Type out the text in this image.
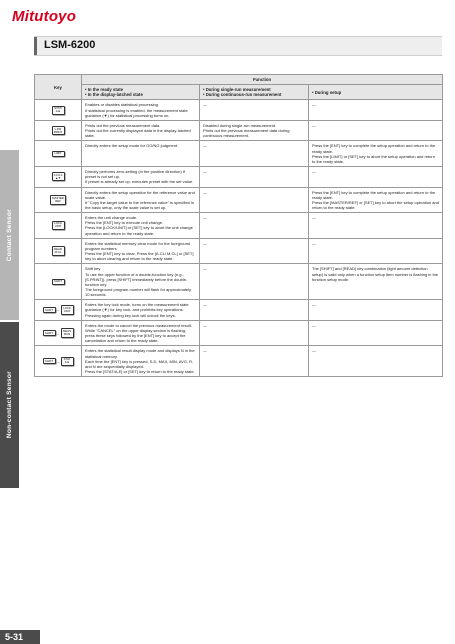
Mitutoyo
LSM-6200
Contact Sensor
Non-contact Sensor
Key	Function		
	• In the ready state
• In the display-latched state	• During single-run measurement
• During continuous-run measurement	• During setup
STAT/
A.E	Enables or disables statistical processing.
If statistical processing is enabled, the measurement state guidance (▼) for statistical processing turns on.	—	—
L.P.R
PRINT	Prints out the previous measurement data.
Prints out the currently displayed data in the display-latched state.	Disabled during single-run measurement.
Prints out the previous measurement data during continuous measurement.	—
LIMIT	Directly enters the setup mode for GO/NG judgment.	—	Press the [ENT] key to complete the setup operation and return to the ready state.
Press the [LIMIT] or [SET] key to abort the setup operation and return to the ready state.
0.0.0.0
▲▼	Directly performs zero-setting (in the positive direction) if preset is not set up.
If preset is already set up, executes preset with the set value.	—	—
MASTER
REF	Directly enters the setup operation for the reference value and scale value.
If "Copy the target value to the reference value" is specified in the basic setup, only the scale value is set up.	—	Press the [ENT] key to complete the setup operation and return to the ready state.
Press the [MASTER/REF] or [SET] key to abort the setup operation and return to the ready state.
LOCK
UNIT	Enters the unit change mode.
Press the [ENT] key to execute unit change.
Press the [LOCK/UNIT] or [SET] key to abort the unit change operation and return to the ready state.	—	—
READ
M.CL	Enters the statistical memory clear mode for the foreground program numbers
Press the [ENT] key to clear. Press the [A.CL/ M.CL] or [SET] key to abort clearing and return to the ready state.	—	—
SHIFT	Shift key
To use the upper function of a double-function key (e.g., [S.PRINT]), press [SHIFT] immediately before the double-function key.
The foreground program number will flash for approximately 10 seconds.	—	The [SHIFT] and [READ] key combination (light amount detection setup) is valid only when a function setup item number is flashing in the function setup mode.
SHIFT → LOCK
UNIT	Enters the key lock mode, turns on the measurement state guidance (▼) for key lock, and prohibits key operations.
Pressing again during key lock will unlock the keys.	—	—
SHIFT → MEAS
RUN	Enters the mode to cancel the previous measurement result.
While "CANCEL" on the upper display section is flashing, press these keys followed by the [ENT] key to accept the cancellation and return to the ready state.	—	—
SHIFT → STAT
A.E	Enters the statistical result display mode and displays N in the statistical memory.
Each time the [ENT] key is pressed, S.D, MAX, MIN, AVG, R, and N are sequentially displayed.
Press the [STAT/A.E] or [SET] key to return to the ready state.	—	—
5-31
